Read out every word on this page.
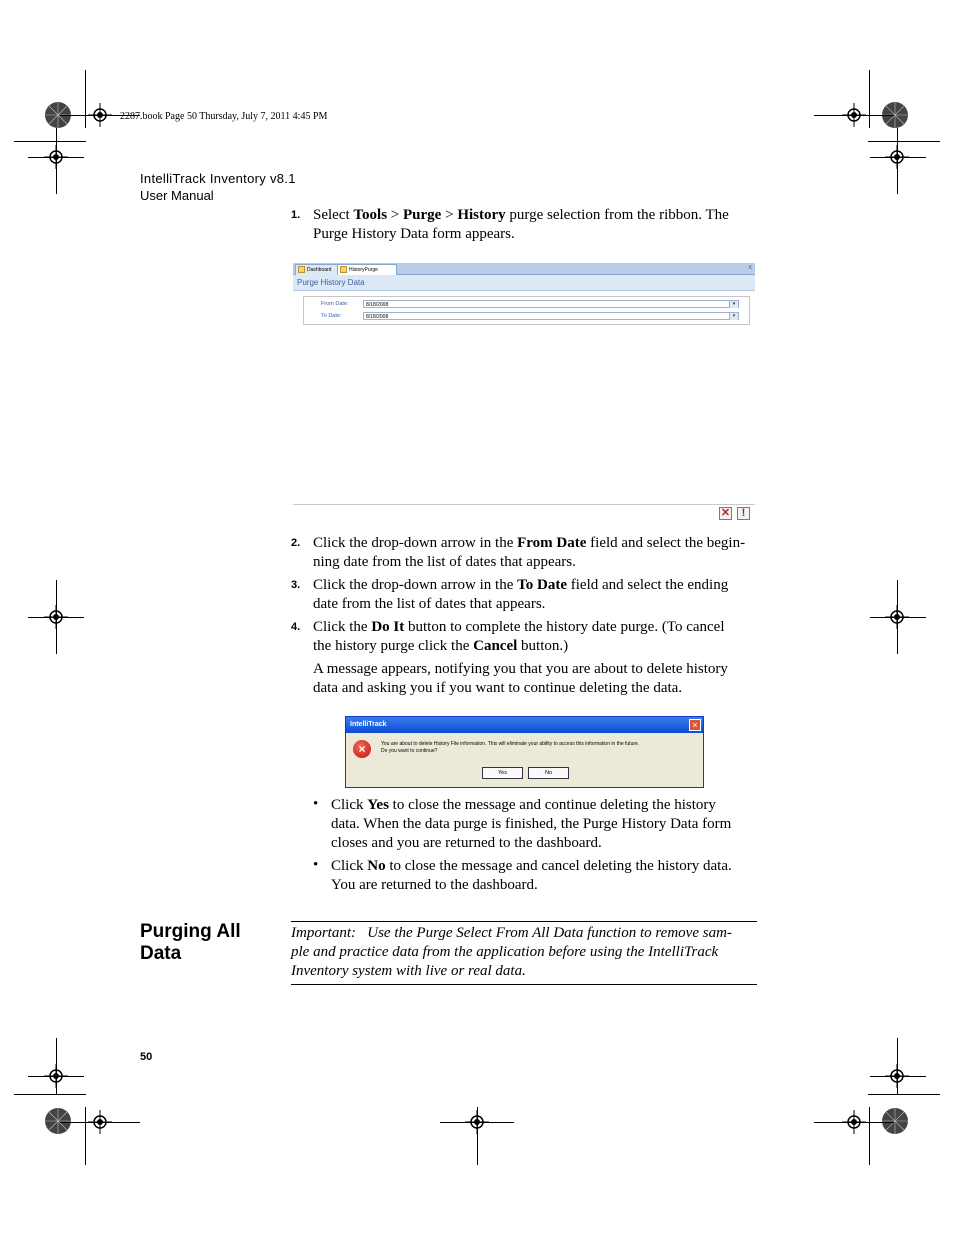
2287.book Page 50 Thursday, July 7, 2011 4:45 PM
IntelliTrack Inventory v8.1
User Manual
1. Select Tools > Purge > History purge selection from the ribbon. The
Purge History Data form appears.
Dashboard	HistoryPurge	x
Purge History Data
From Date:	8/18/2008	▾
To Date:	8/18/2008	▾
✕	!
2. Click the drop-down arrow in the From Date field and select the begin-
ning date from the list of dates that appears.
3. Click the drop-down arrow in the To Date field and select the ending
date from the list of dates that appears.
4. Click the Do It button to complete the history date purge. (To cancel
the history purge click the Cancel button.)
A message appears, notifying you that you are about to delete history
data and asking you if you want to continue deleting the data.
IntelliTrack	×
×	You are about to delete History File information. This will eliminate your ability to access this information in the future.
Do you want to continue?
Yes	No
• Click Yes to close the message and continue deleting the history
data. When the data purge is finished, the Purge History Data form
closes and you are returned to the dashboard.
• Click No to close the message and cancel deleting the history data.
You are returned to the dashboard.
Purging All
Data
Important: Use the Purge Select From All Data function to remove sam-
ple and practice data from the application before using the IntelliTrack
Inventory system with live or real data.
50
